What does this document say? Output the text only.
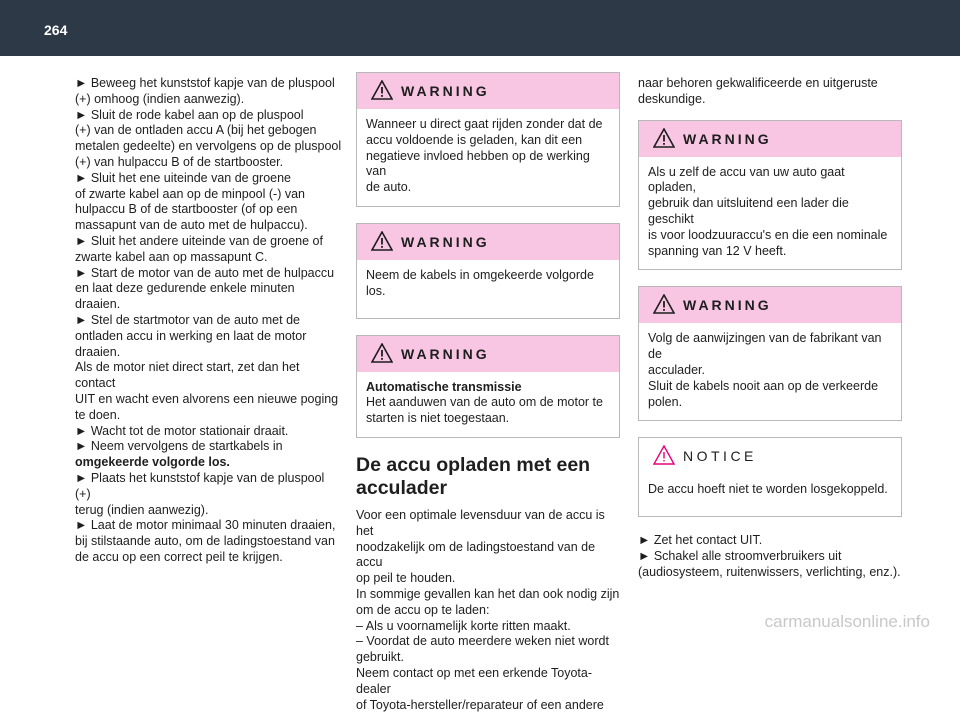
264

► Beweeg het kunststof kapje van de pluspool

(+) omhoog (indien aanwezig).

► Sluit de rode kabel aan op de pluspool

(+) van de ontladen accu A (bij het gebogen

metalen gedeelte) en vervolgens op de pluspool

(+) van hulpaccu B of de startbooster.

► Sluit het ene uiteinde van de groene

of zwarte kabel aan op de minpool (-) van

hulpaccu B of de startbooster (of op een

massapunt van de auto met de hulpaccu).

► Sluit het andere uiteinde van de groene of

zwarte kabel aan op massapunt C.

► Start de motor van de auto met de hulpaccu

en laat deze gedurende enkele minuten draaien.

► Stel de startmotor van de auto met de

ontladen accu in werking en laat de motor

draaien.

Als de motor niet direct start, zet dan het contact

UIT en wacht even alvorens een nieuwe poging

te doen.

► Wacht tot de motor stationair draait.

► Neem vervolgens de startkabels in

omgekeerde volgorde los.

► Plaats het kunststof kapje van de pluspool (+)

terug (indien aanwezig).

► Laat de motor minimaal 30 minuten draaien,

bij stilstaande auto, om de ladingstoestand van

de accu op een correct peil te krijgen.

WARNING

Wanneer u direct gaat rijden zonder dat de

accu voldoende is geladen, kan dit een

negatieve invloed hebben op de werking van

de auto.

WARNING

Neem de kabels in omgekeerde volgorde los.

WARNING

Automatische transmissie

Het aanduwen van de auto om de motor te

starten is niet toegestaan.

De accu opladen met een
acculader

Voor een optimale levensduur van de accu is het

noodzakelijk om de ladingstoestand van de accu

op peil te houden.

In sommige gevallen kan het dan ook nodig zijn

om de accu op te laden:

– Als u voornamelijk korte ritten maakt.

– Voordat de auto meerdere weken niet wordt

gebruikt.

Neem contact op met een erkende Toyota-dealer

of Toyota-hersteller/reparateur of een andere

naar behoren gekwalificeerde en uitgeruste

deskundige.

WARNING

Als u zelf de accu van uw auto gaat opladen,

gebruik dan uitsluitend een lader die geschikt

is voor loodzuuraccu's en die een nominale

spanning van 12 V heeft.

WARNING

Volg de aanwijzingen van de fabrikant van de

acculader.

Sluit de kabels nooit aan op de verkeerde

polen.

NOTICE

De accu hoeft niet te worden losgekoppeld.

► Zet het contact UIT.

► Schakel alle stroomverbruikers uit

(audiosysteem, ruitenwissers, verlichting, enz.).

carmanualsonline.info
